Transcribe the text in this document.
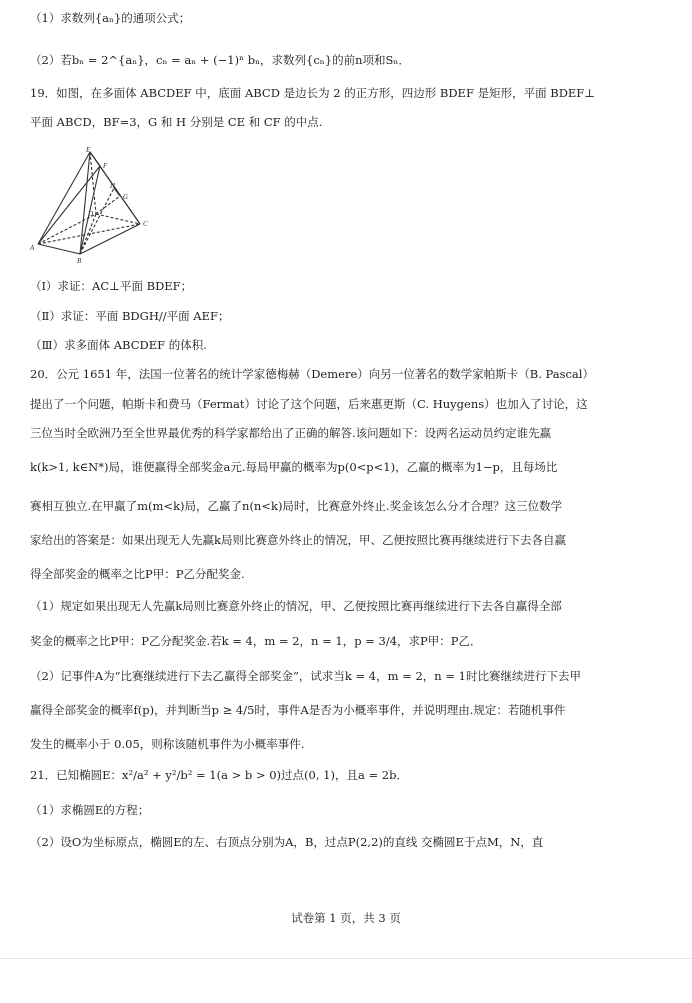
（1）求数列{aₙ}的通项公式；
（2）若bₙ = 2^{aₙ}，cₙ = aₙ + (−1)ⁿ bₙ，求数列{cₙ}的前n项和Sₙ．
19．如图，在多面体 ABCDEF 中，底面 ABCD 是边长为 2 的正方形，四边形 BDEF 是矩形，平面 BDEF⊥
平面 ABCD，BF=3，G 和 H 分别是 CE 和 CF 的中点.
E
F
H
G
D
C
A
B
（Ⅰ）求证：AC⊥平面 BDEF；
（Ⅱ）求证：平面 BDGH//平面 AEF；
（Ⅲ）求多面体 ABCDEF 的体积.
20．公元 1651 年，法国一位著名的统计学家德梅赫（Demere）向另一位著名的数学家帕斯卡（B. Pascal）
提出了一个问题，帕斯卡和费马（Fermat）讨论了这个问题，后来惠更斯（C. Huygens）也加入了讨论，这
三位当时全欧洲乃至全世界最优秀的科学家都给出了正确的解答.该问题如下：设两名运动员约定谁先赢
k(k>1, k∈N*)局，谁便赢得全部奖金a元.每局甲赢的概率为p(0<p<1)，乙赢的概率为1−p，且每场比
赛相互独立.在甲赢了m(m<k)局，乙赢了n(n<k)局时，比赛意外终止.奖金该怎么分才合理？这三位数学
家给出的答案是：如果出现无人先赢k局则比赛意外终止的情况，甲、乙便按照比赛再继续进行下去各自赢
得全部奖金的概率之比P甲：P乙分配奖金.
（1）规定如果出现无人先赢k局则比赛意外终止的情况，甲、乙便按照比赛再继续进行下去各自赢得全部
奖金的概率之比P甲：P乙分配奖金.若k = 4，m = 2，n = 1，p = 3/4，求P甲：P乙．
（2）记事件A为“比赛继续进行下去乙赢得全部奖金”，试求当k = 4，m = 2，n = 1时比赛继续进行下去甲
赢得全部奖金的概率f(p)，并判断当p ≥ 4/5时，事件A是否为小概率事件，并说明理由.规定：若随机事件
发生的概率小于 0.05，则称该随机事件为小概率事件.
21．已知椭圆E：x²/a² + y²/b² = 1(a > b > 0)过点(0, 1)，且a = 2b．
（1）求椭圆E的方程；
（2）设O为坐标原点，椭圆E的左、右顶点分别为A，B，过点P(2,2)的直线 交椭圆E于点M，N，直
试卷第 1 页，共 3 页
